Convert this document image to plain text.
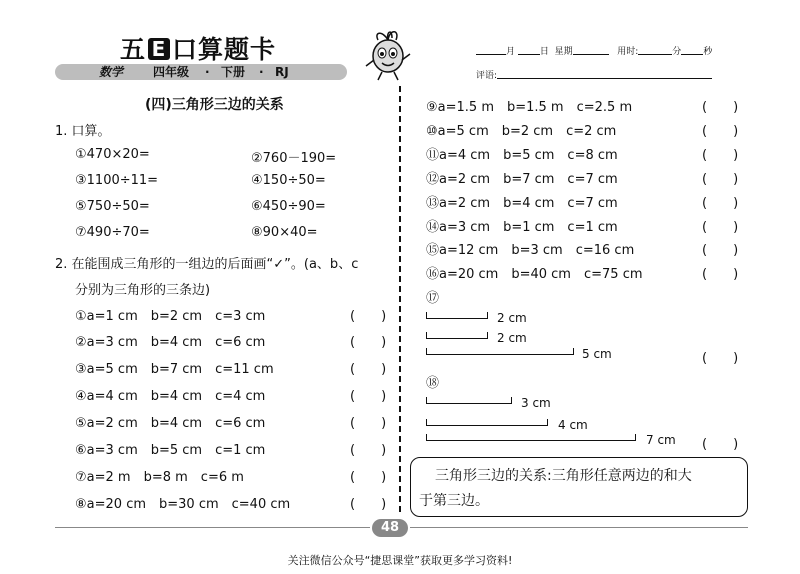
五 E 口算题卡
数学 四年级 · 下册 · RJ
月	日 星期	用时:	分 秒
评语:
(四)三角形三边的关系
1. 口算。
①470×20=	②760－190=
③1100÷11=	④150÷50=
⑤750÷50=	⑥450÷90=
⑦490÷70=	⑧90×40=
2. 在能围成三角形的一组边的后面画“✓”。(a、b、c
分别为三角形的三条边)
①a=1 cm　b=2 cm　c=3 cm	(　　)
②a=3 cm　b=4 cm　c=6 cm	(　　)
③a=5 cm　b=7 cm　c=11 cm	(　　)
④a=4 cm　b=4 cm　c=4 cm	(　　)
⑤a=2 cm　b=4 cm　c=6 cm	(　　)
⑥a=3 cm　b=5 cm　c=1 cm	(　　)
⑦a=2 m　b=8 m　c=6 m	(　　)
⑧a=20 cm　b=30 cm　c=40 cm	(　　)
⑨a=1.5 m　b=1.5 m　c=2.5 m	(　　)
⑩a=5 cm　b=2 cm　c=2 cm	(　　)
⑪a=4 cm　b=5 cm　c=8 cm	(　　)
⑫a=2 cm　b=7 cm　c=7 cm	(　　)
⑬a=2 cm　b=4 cm　c=7 cm	(　　)
⑭a=3 cm　b=1 cm　c=1 cm	(　　)
⑮a=12 cm　b=3 cm　c=16 cm	(　　)
⑯a=20 cm　b=40 cm　c=75 cm	(　　)
⑰
2 cm
2 cm
5 cm	(　　)
⑱
3 cm
4 cm
7 cm (　　)
三角形三边的关系:三角形任意两边的和大
于第三边。
48
关注微信公众号“捷思课堂”获取更多学习资料!
